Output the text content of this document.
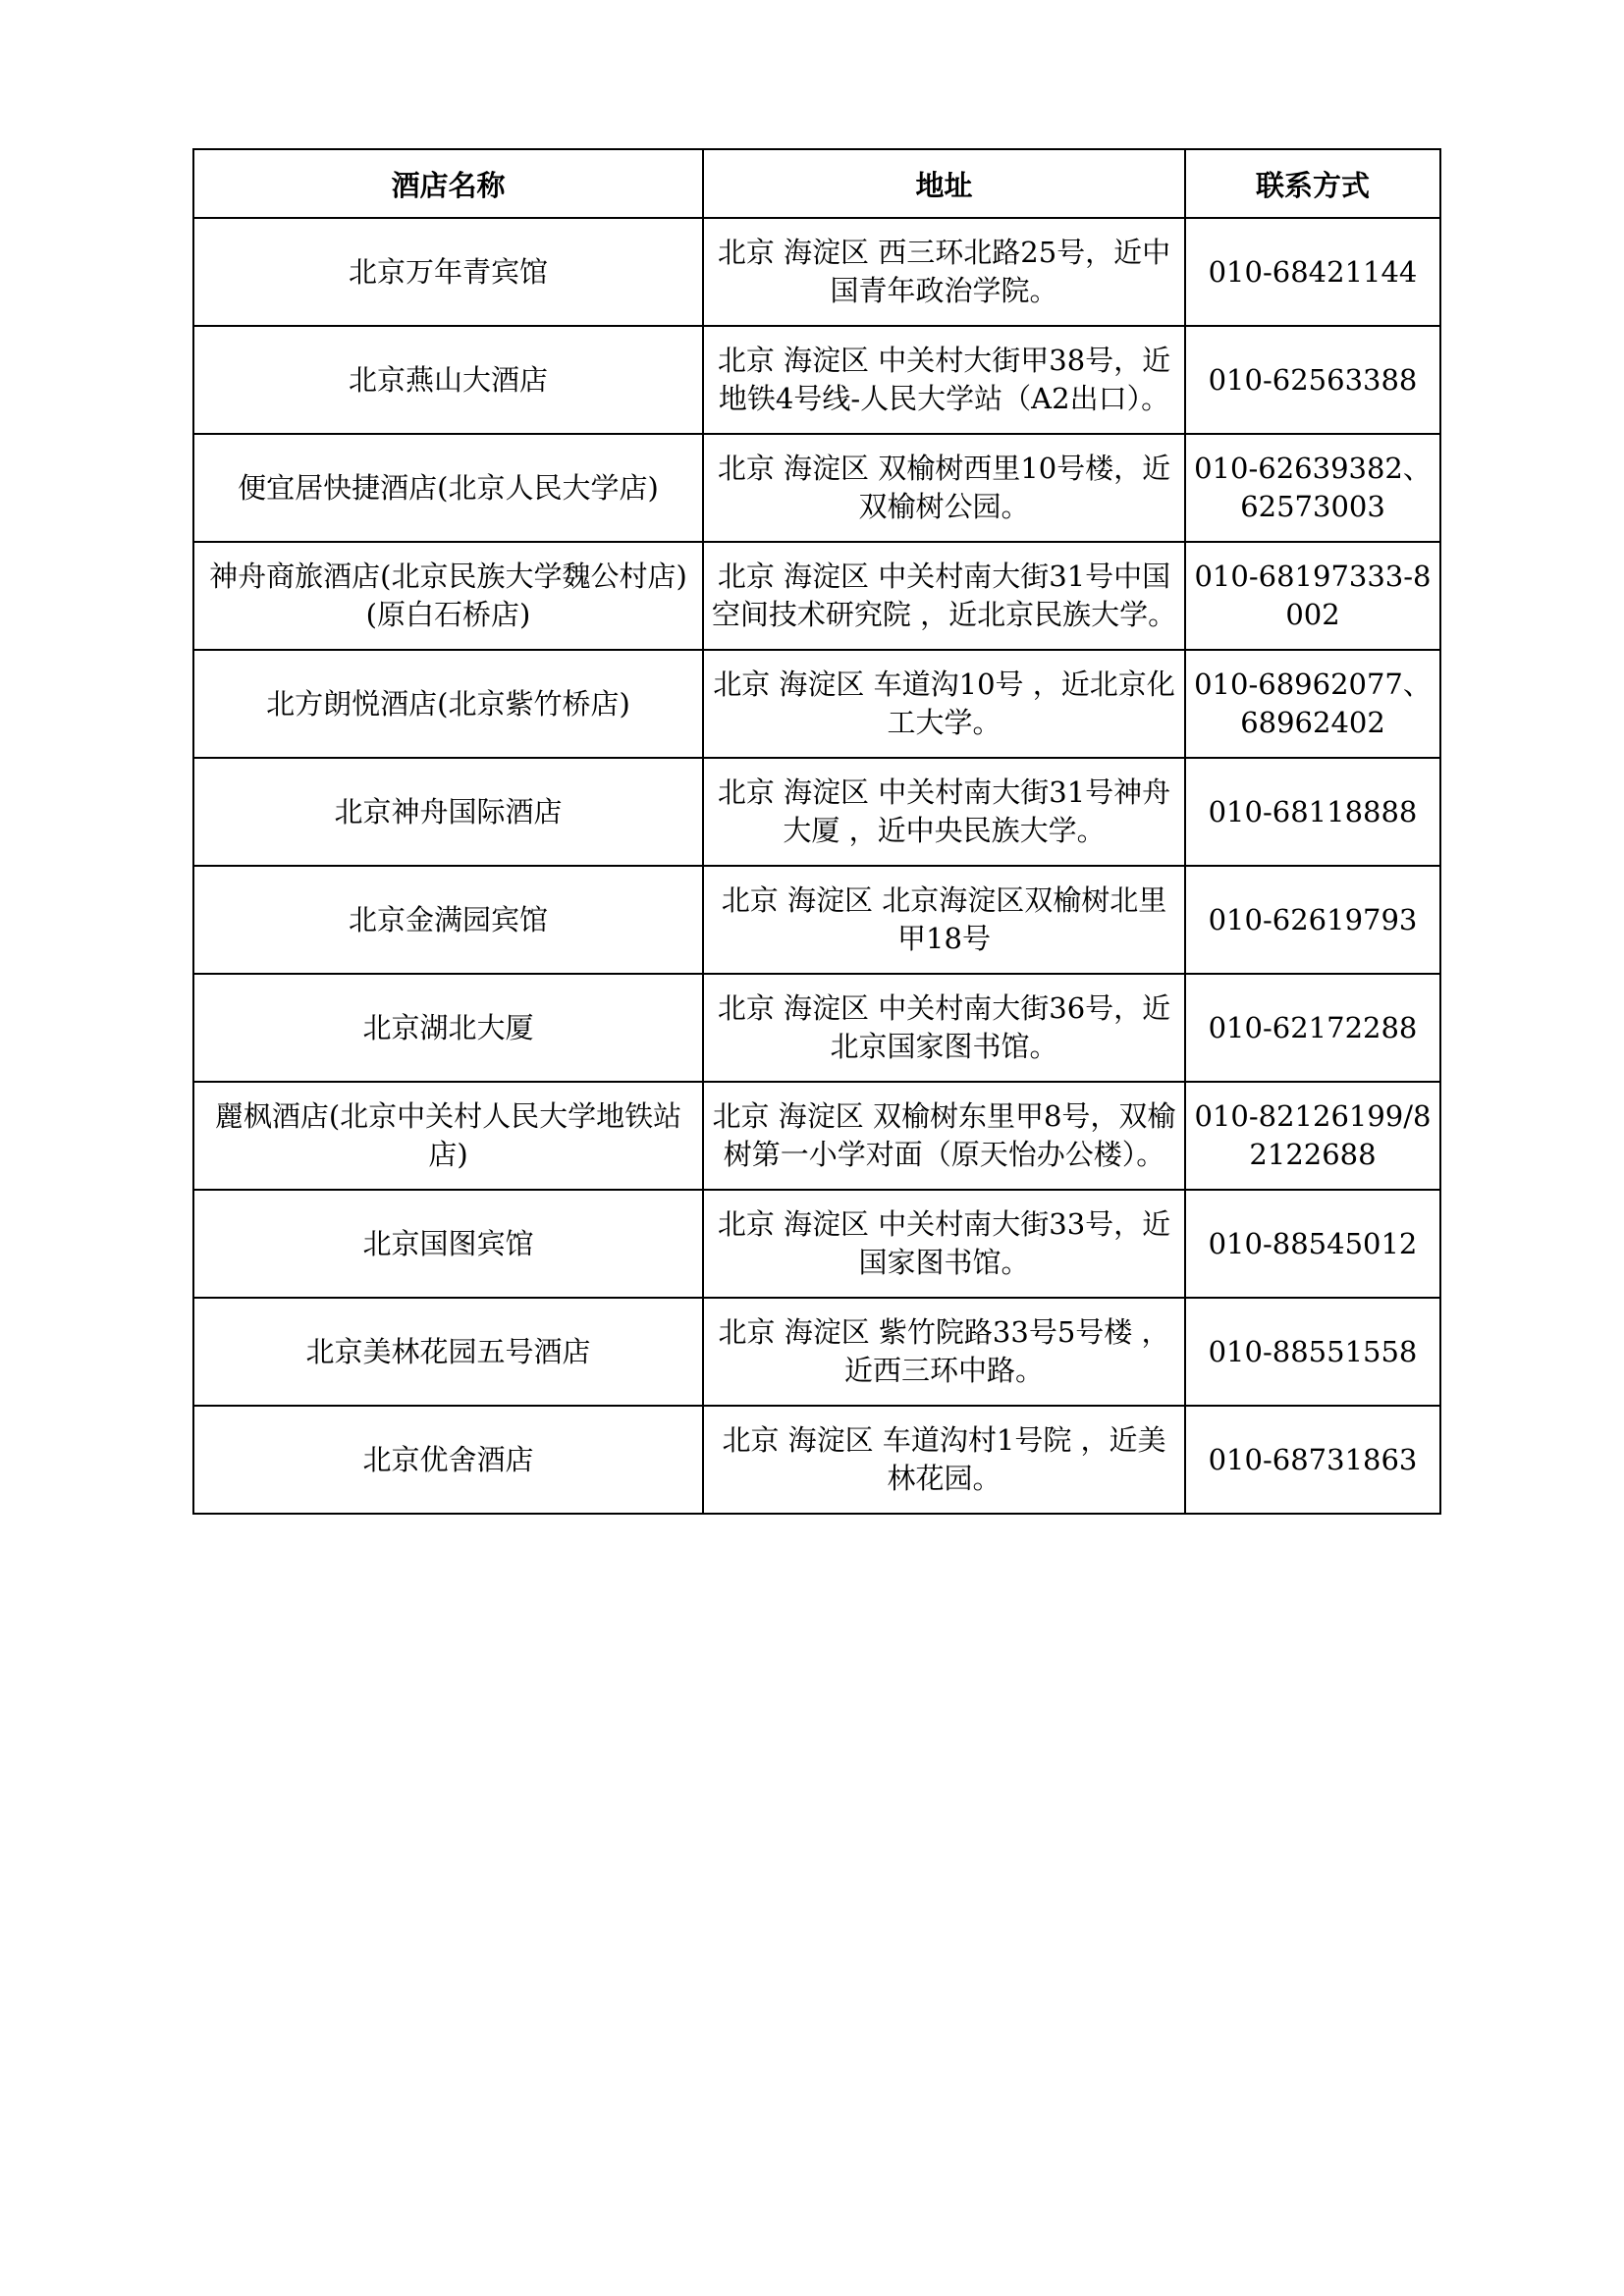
酒店名称	地址	联系方式

北京万年青宾馆	北京 海淀区 西三环北路25号，近中国青年政治学院。	010-68421144

北京燕山大酒店	北京 海淀区 中关村大街甲38号，近地铁4号线-人民大学站（A2出口）。	010-62563388

便宜居快捷酒店(北京人民大学店)	北京 海淀区 双榆树西里10号楼，近双榆树公园。	010-62639382、62573003

神舟商旅酒店(北京民族大学魏公村店)(原白石桥店)	北京 海淀区 中关村南大街31号中国空间技术研究院 ，近北京民族大学。	010-68197333-8002

北方朗悦酒店(北京紫竹桥店)	北京 海淀区 车道沟10号 ，近北京化工大学。	010-68962077、68962402

北京神舟国际酒店	北京 海淀区 中关村南大街31号神舟大厦 ，近中央民族大学。	010-68118888

北京金满园宾馆	北京 海淀区 北京海淀区双榆树北里甲18号	010-62619793

北京湖北大厦	北京 海淀区 中关村南大街36号，近北京国家图书馆。	010-62172288

麗枫酒店(北京中关村人民大学地铁站店)	北京 海淀区 双榆树东里甲8号，双榆树第一小学对面（原天怡办公楼）。	010-82126199/82122688

北京国图宾馆	北京 海淀区 中关村南大街33号，近国家图书馆。	010-88545012

北京美林花园五号酒店	北京 海淀区 紫竹院路33号5号楼 ，近西三环中路。	010-88551558

北京优舍酒店	北京 海淀区 车道沟村1号院 ，近美林花园。	010-68731863
